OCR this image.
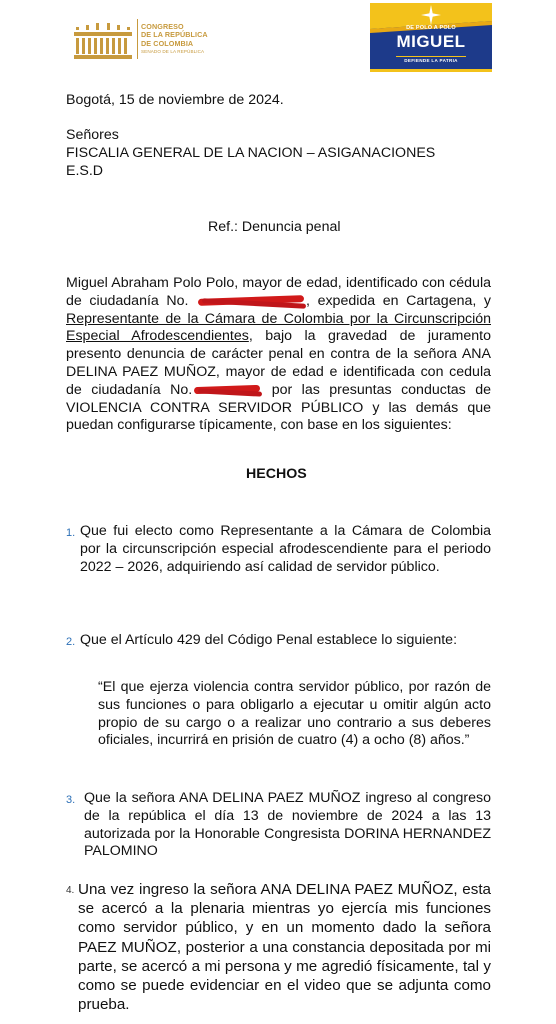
CONGRESO
DE LA REPÚBLICA
DE COLOMBIA
SENADO DE LA REPÚBLICA
DE POLO A POLO
MIGUEL
DEFIENDE LA PATRIA
Bogotá, 15 de noviembre de 2024.
Señores
FISCALIA GENERAL DE LA NACION – ASIGANACIONES
E.S.D
Ref.: Denuncia penal
Miguel Abraham Polo Polo, mayor de edad, identificado con cédula de ciudadanía No.	, expedida en Cartagena, y Representante de la Cámara de Colombia por la Circunscripción Especial Afrodescendientes, bajo la gravedad de juramento presento denuncia de carácter penal en contra de la señora ANA DELINA PAEZ MUÑOZ, mayor de edad e identificada con cedula de ciudadanía No.	por las presuntas conductas de VIOLENCIA CONTRA SERVIDOR PÚBLICO y las demás que puedan configurarse típicamente, con base en los siguientes:
HECHOS
1. Que fui electo como Representante a la Cámara de Colombia por la circunscripción especial afrodescendiente para el periodo 2022 – 2026, adquiriendo así calidad de servidor público.
2. Que el Artículo 429 del Código Penal establece lo siguiente:
“El que ejerza violencia contra servidor público, por razón de sus funciones o para obligarlo a ejecutar u omitir algún acto propio de su cargo o a realizar uno contrario a sus deberes oficiales, incurrirá en prisión de cuatro (4) a ocho (8) años.”
3. Que la señora ANA DELINA PAEZ MUÑOZ ingreso al congreso de la república el día 13 de noviembre de 2024 a las 13 autorizada por la Honorable Congresista DORINA HERNANDEZ PALOMINO
4. Una vez ingreso la señora ANA DELINA PAEZ MUÑOZ, esta se acercó a la plenaria mientras yo ejercía mis funciones como servidor público, y en un momento dado la señora PAEZ MUÑOZ, posterior a una constancia depositada por mi parte, se acercó a mi persona y me agredió físicamente, tal y como se puede evidenciar en el video que se adjunta como prueba.
